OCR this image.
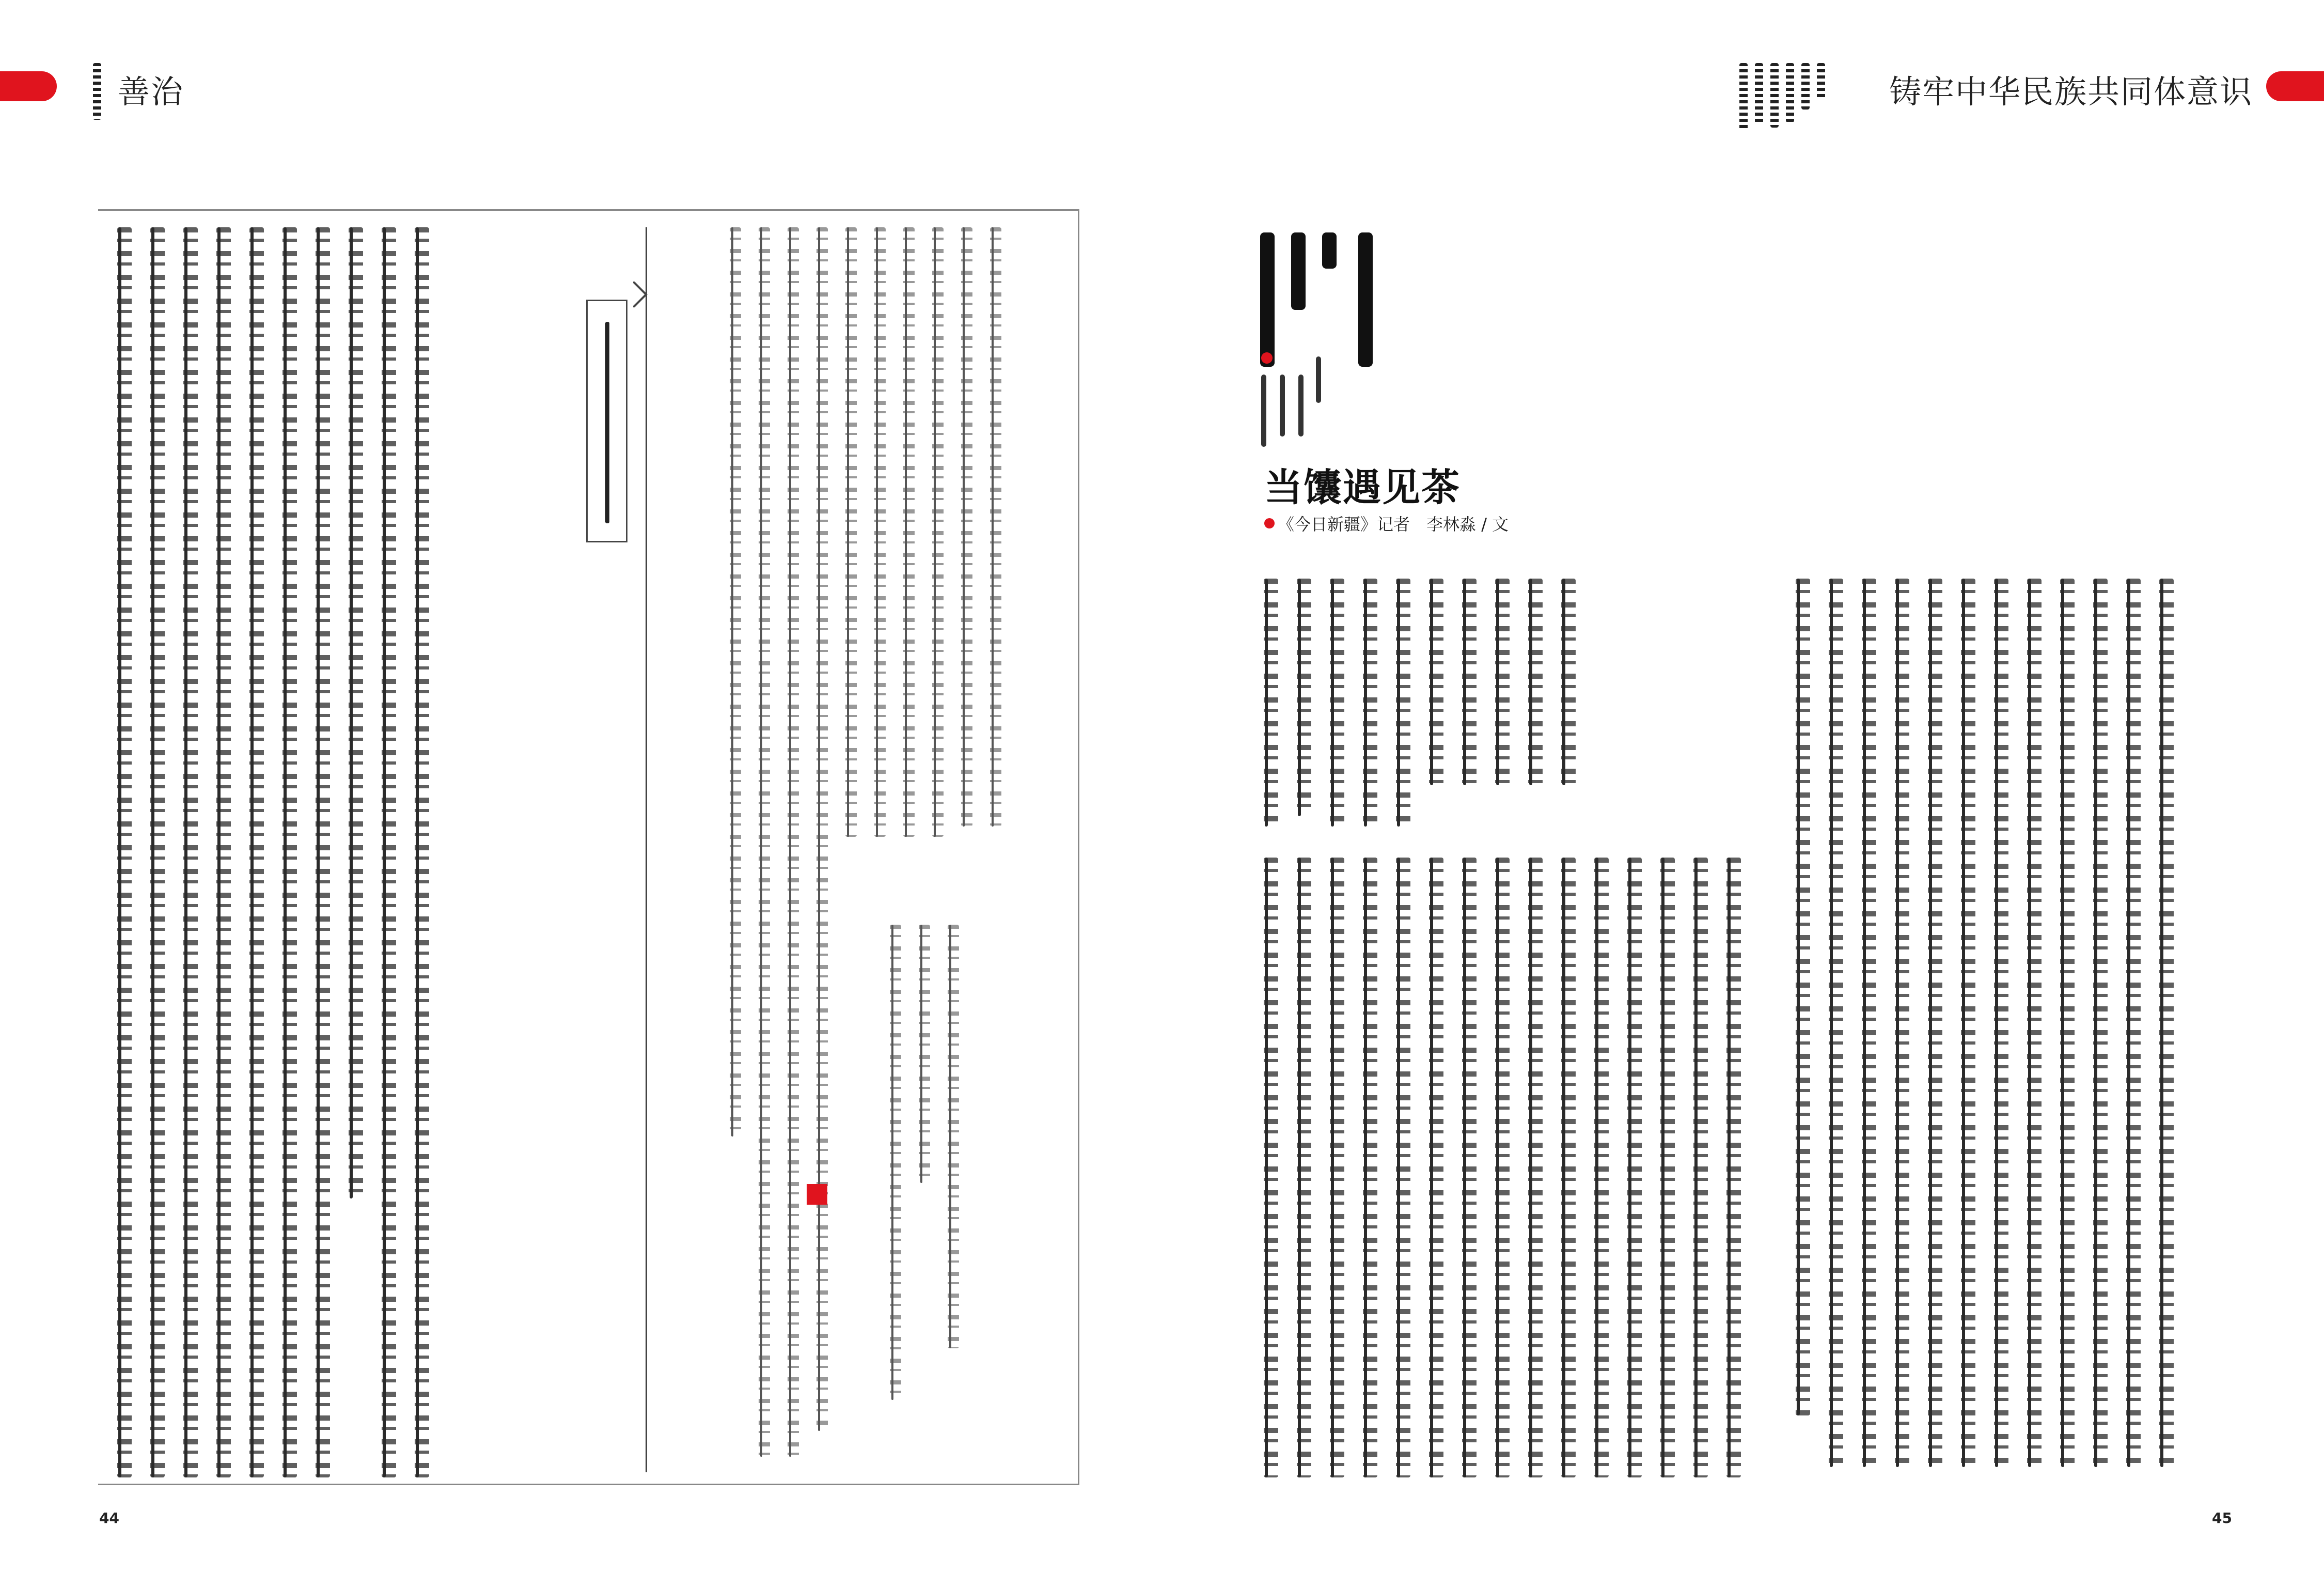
善治	铸牢中华民族共同体意识
44
当馕遇见茶
《今日新疆》记者 李林淼 / 文
45
